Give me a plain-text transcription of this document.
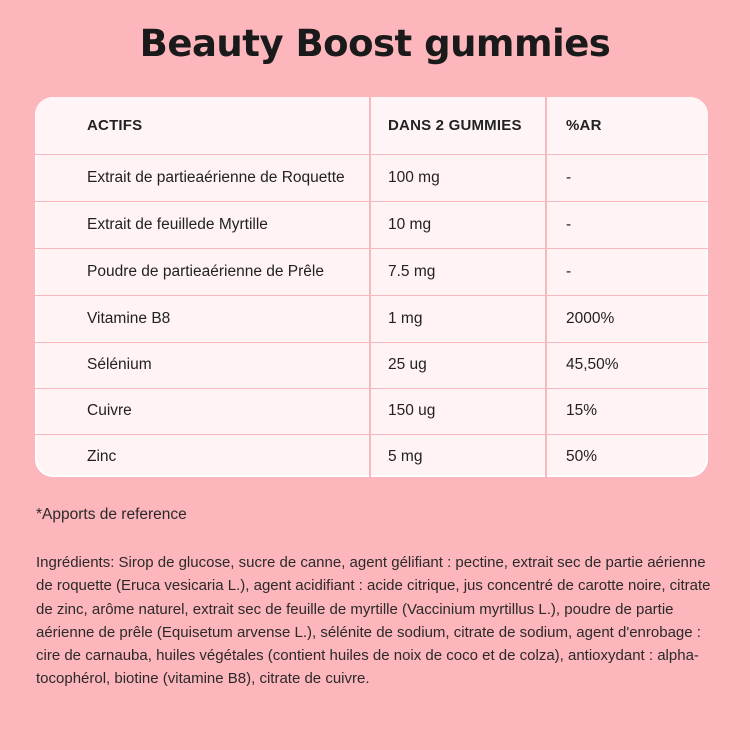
Beauty Boost gummies
ACTIFS	DANS 2 GUMMIES	%AR
Extrait de partieaérienne de Roquette	100 mg	-
Extrait de feuillede Myrtille	10 mg	-
Poudre de partieaérienne de Prêle	7.5 mg	-
Vitamine B8	1 mg	2000%
Sélénium	25 ug	45,50%
Cuivre	150 ug	15%
Zinc	5 mg	50%
*Apports de reference
Ingrédients: Sirop de glucose, sucre de canne, agent gélifiant : pectine, extrait sec de partie aérienne de roquette (Eruca vesicaria L.), agent acidifiant : acide citrique, jus concentré de carotte noire, citrate de zinc, arôme naturel, extrait sec de feuille de myrtille (Vaccinium myrtillus L.), poudre de partie aérienne de prêle (Equisetum arvense L.), sélénite de sodium, citrate de sodium, agent d'enrobage : cire de carnauba, huiles végétales (contient huiles de noix de coco et de colza), antioxydant : alpha-tocophérol, biotine (vitamine B8), citrate de cuivre.
